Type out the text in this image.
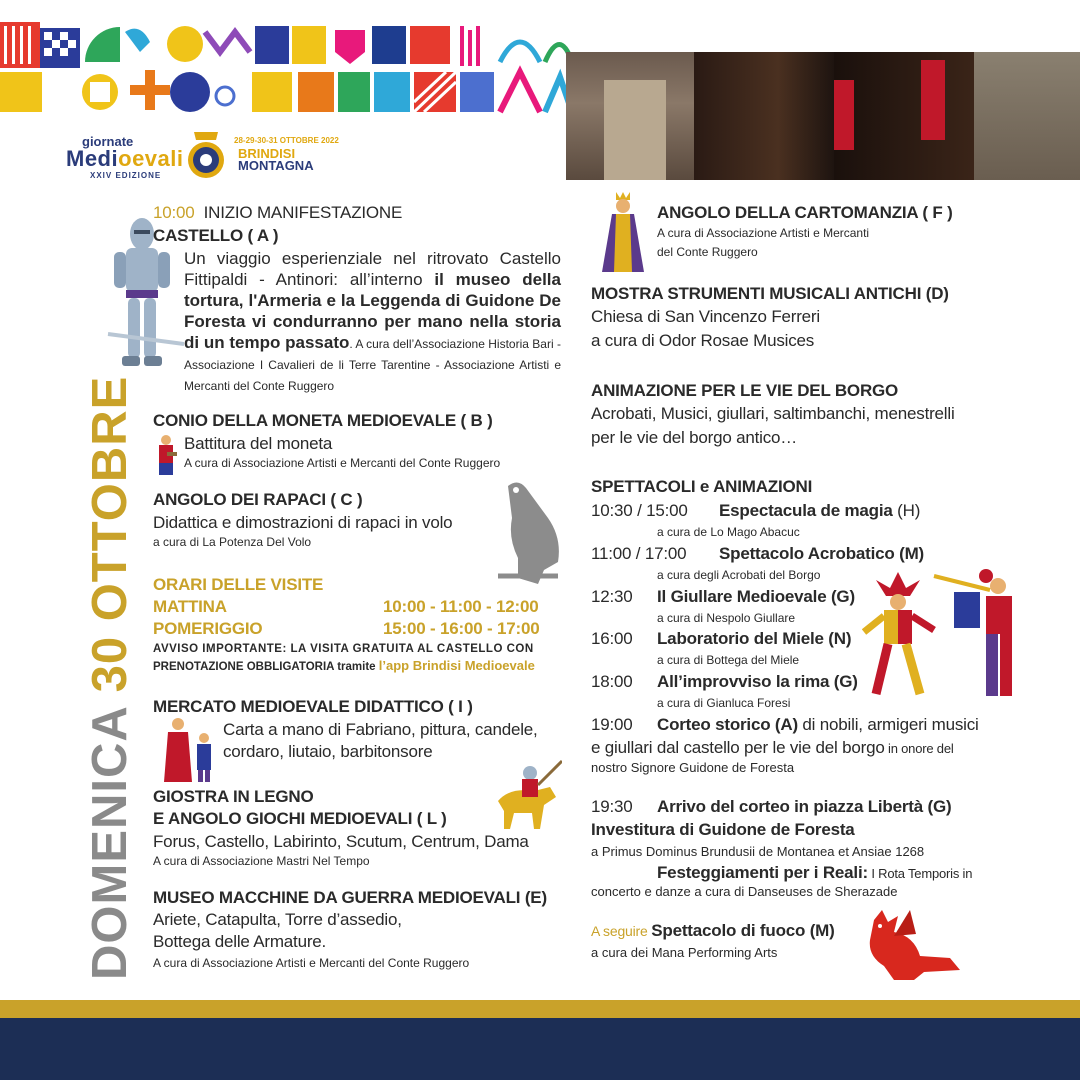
giornate
Medioevali
XXIV EDIZIONE
28-29-30-31 OTTOBRE 2022
BRINDISI
MONTAGNA
DOMENICA 30 OTTOBRE
10:00 INIZIO MANIFESTAZIONE
CASTELLO ( A )
Un viaggio esperienziale nel ritrovato Castello Fittipaldi - Antinori: all’interno il museo della tortura, l'Armeria e la Leggenda di Guidone De Foresta vi condurranno per mano nella storia di un tempo passato. A cura dell’Associazione Historia Bari - Associazione I Cavalieri de li Terre Tarentine - Associazione Artisti e Mercanti del Conte Ruggero
CONIO DELLA MONETA MEDIOEVALE ( B )
Battitura del moneta
A cura di Associazione Artisti e Mercanti del Conte Ruggero
ANGOLO DEI RAPACI ( C )
Didattica e dimostrazioni di rapaci in volo
a cura di La Potenza Del Volo
ORARI DELLE VISITE
MATTINA	10:00 - 11:00 - 12:00
POMERIGGIO	15:00 - 16:00 - 17:00
AVVISO IMPORTANTE: LA VISITA GRATUITA AL CASTELLO CON
PRENOTAZIONE OBBLIGATORIA tramite l’app Brindisi Medioevale
MERCATO MEDIOEVALE DIDATTICO ( I )
Carta a mano di Fabriano, pittura, candele,
cordaro, liutaio, barbitonsore
GIOSTRA IN LEGNO
E ANGOLO GIOCHI MEDIOEVALI ( L )
Forus, Castello, Labirinto, Scutum, Centrum, Dama
A cura di Associazione Mastri Nel Tempo
MUSEO MACCHINE DA GUERRA MEDIOEVALI (E)
Ariete, Catapulta, Torre d’assedio,
Bottega delle Armature.
A cura di Associazione Artisti e Mercanti del Conte Ruggero
ANGOLO DELLA CARTOMANZIA ( F )
A cura di Associazione Artisti e Mercanti
del Conte Ruggero
MOSTRA STRUMENTI MUSICALI ANTICHI (D)
Chiesa di San Vincenzo Ferreri
a cura di Odor Rosae Musices
ANIMAZIONE PER LE VIE DEL BORGO
Acrobati, Musici, giullari, saltimbanchi, menestrelli
per le vie del borgo antico…
SPETTACOLI e ANIMAZIONI
10:30 / 15:00 Espectacula de magia (H)
a cura de Lo Mago Abacuc
11:00 / 17:00 Spettacolo Acrobatico (M)
a cura degli Acrobati del Borgo
12:30 Il Giullare Medioevale (G)
a cura di Nespolo Giullare
16:00 Laboratorio del Miele (N)
a cura di Bottega del Miele
18:00 All’improvviso la rima (G)
a cura di Gianluca Foresi
19:00 Corteo storico (A) di nobili, armigeri musici
e giullari dal castello per le vie del borgo in onore del
nostro Signore Guidone de Foresta
19:30 Arrivo del corteo in piazza Libertà (G)
Investitura di Guidone de Foresta
a Primus Dominus Brundusii de Montanea et Ansiae 1268
Festeggiamenti per i Reali: I Rota Temporis in
concerto e danze a cura di Danseuses de Sherazade
A seguire Spettacolo di fuoco (M)
a cura dei Mana Performing Arts
